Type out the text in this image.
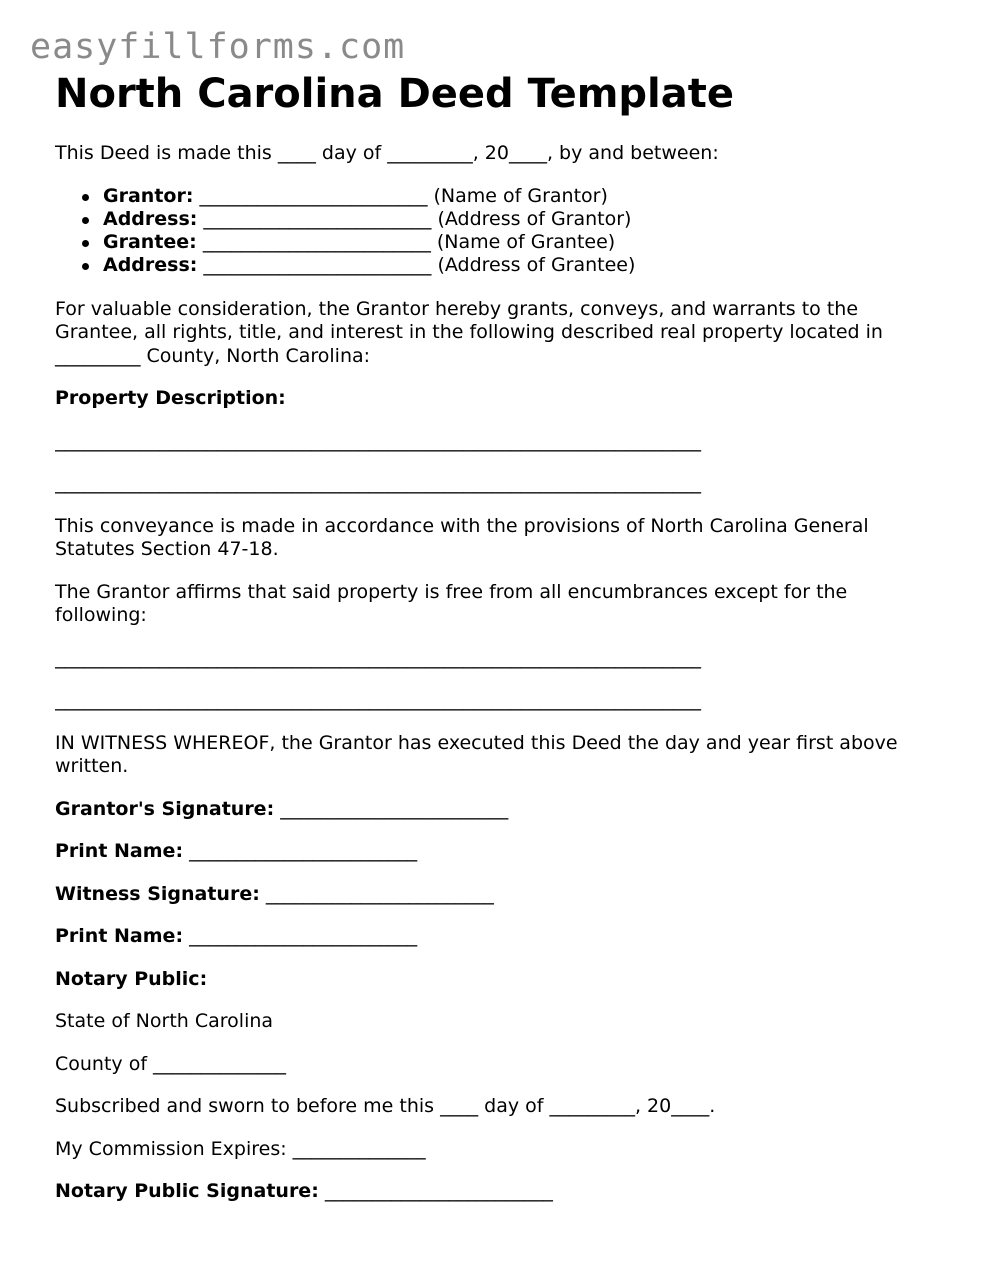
easyfillforms.com
North Carolina Deed Template

This Deed is made this ____ day of _________, 20____, by and between:

Grantor: ________________________ (Name of Grantor)
Address: ________________________ (Address of Grantor)
Grantee: ________________________ (Name of Grantee)
Address: ________________________ (Address of Grantee)

For valuable consideration, the Grantor hereby grants, conveys, and warrants to the Grantee, all rights, title, and interest in the following described real property located in _________ County, North Carolina:

Property Description:

____________________________________________________________________
____________________________________________________________________

This conveyance is made in accordance with the provisions of North Carolina General Statutes Section 47-18.

The Grantor affirms that said property is free from all encumbrances except for the following:

____________________________________________________________________
____________________________________________________________________

IN WITNESS WHEREOF, the Grantor has executed this Deed the day and year first above written.

Grantor's Signature: ________________________

Print Name: ________________________

Witness Signature: ________________________

Print Name: ________________________

Notary Public:

State of North Carolina

County of ______________

Subscribed and sworn to before me this ____ day of _________, 20____.

My Commission Expires: ______________

Notary Public Signature: ________________________
